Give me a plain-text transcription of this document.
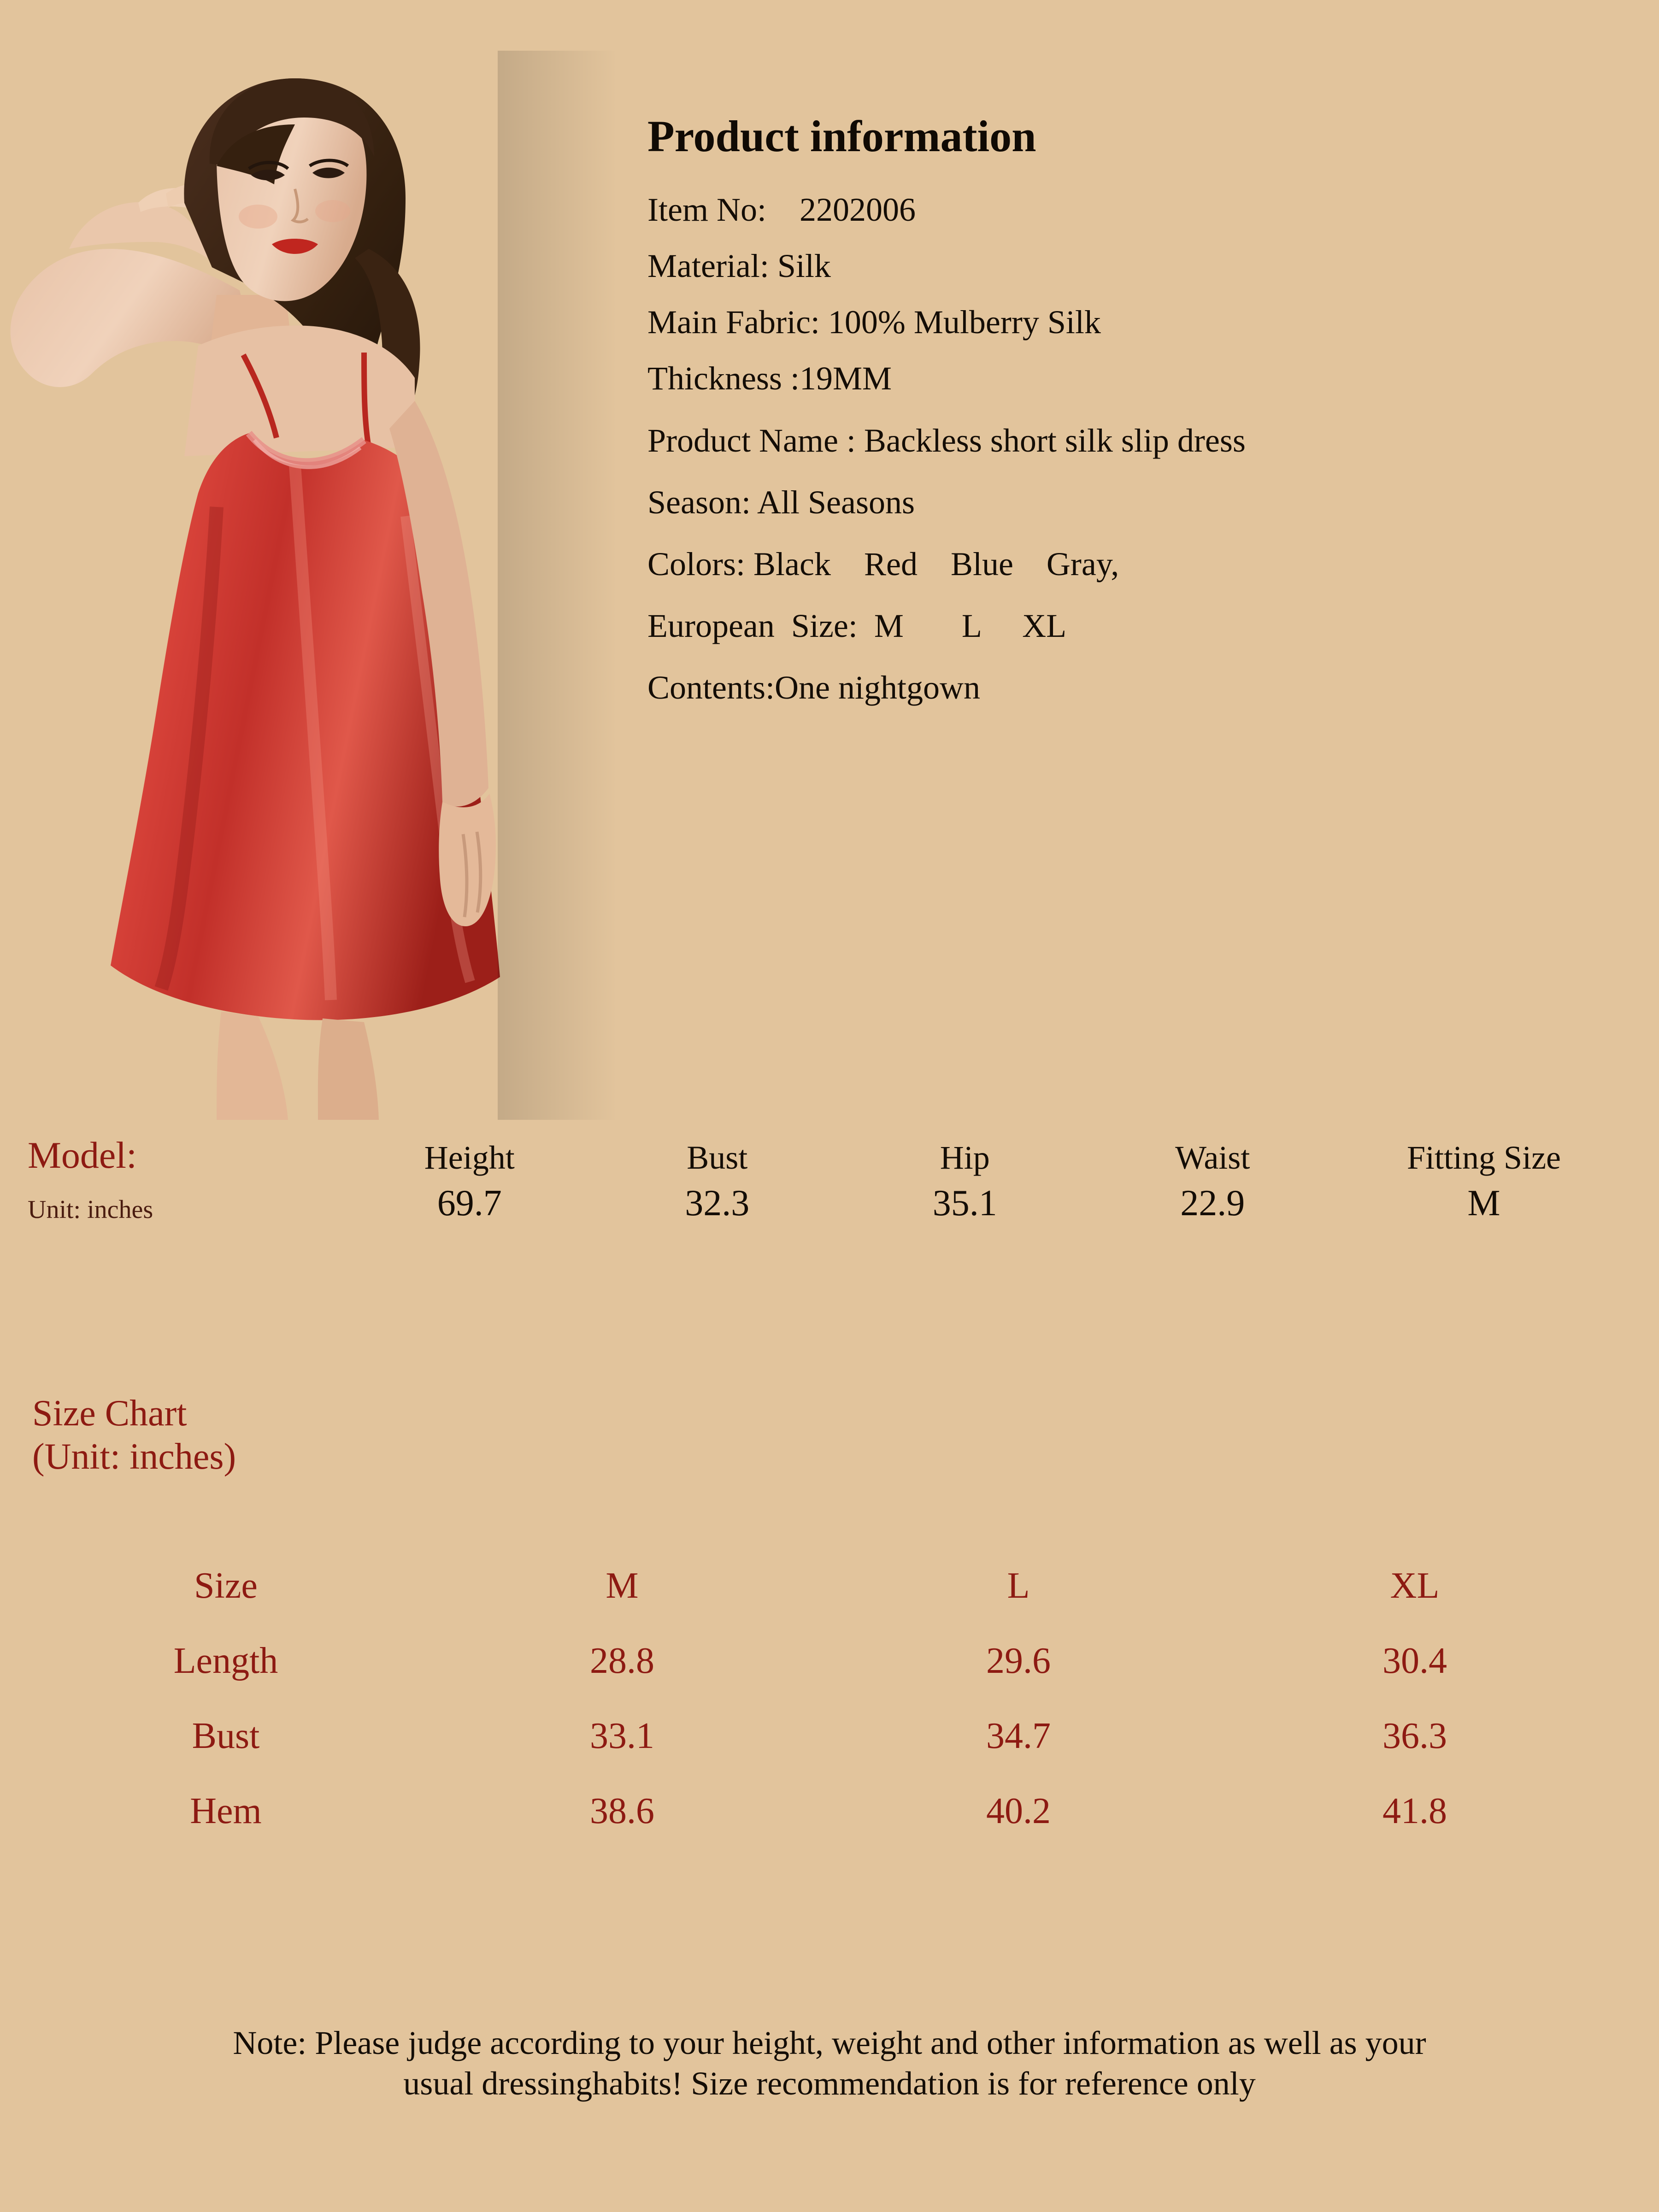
Product information
Item No:    2202006
Material: Silk
Main Fabric: 100% Mulberry Silk
Thickness :19MM
Product Name : Backless short silk slip dress
Season: All Seasons
Colors: Black    Red    Blue    Gray,
European  Size:  M       L     XL
Contents:One nightgown
Model:	Height	Bust	Hip	Waist	Fitting Size
Unit: inches	69.7	32.3	35.1	22.9	M
Size Chart
(Unit: inches)
Size	M	L	XL
Length	28.8	29.6	30.4
Bust	33.1	34.7	36.3
Hem	38.6	40.2	41.8
Note: Please judge according to your height, weight and other information as well as your
usual dressinghabits! Size recommendation is for reference only
